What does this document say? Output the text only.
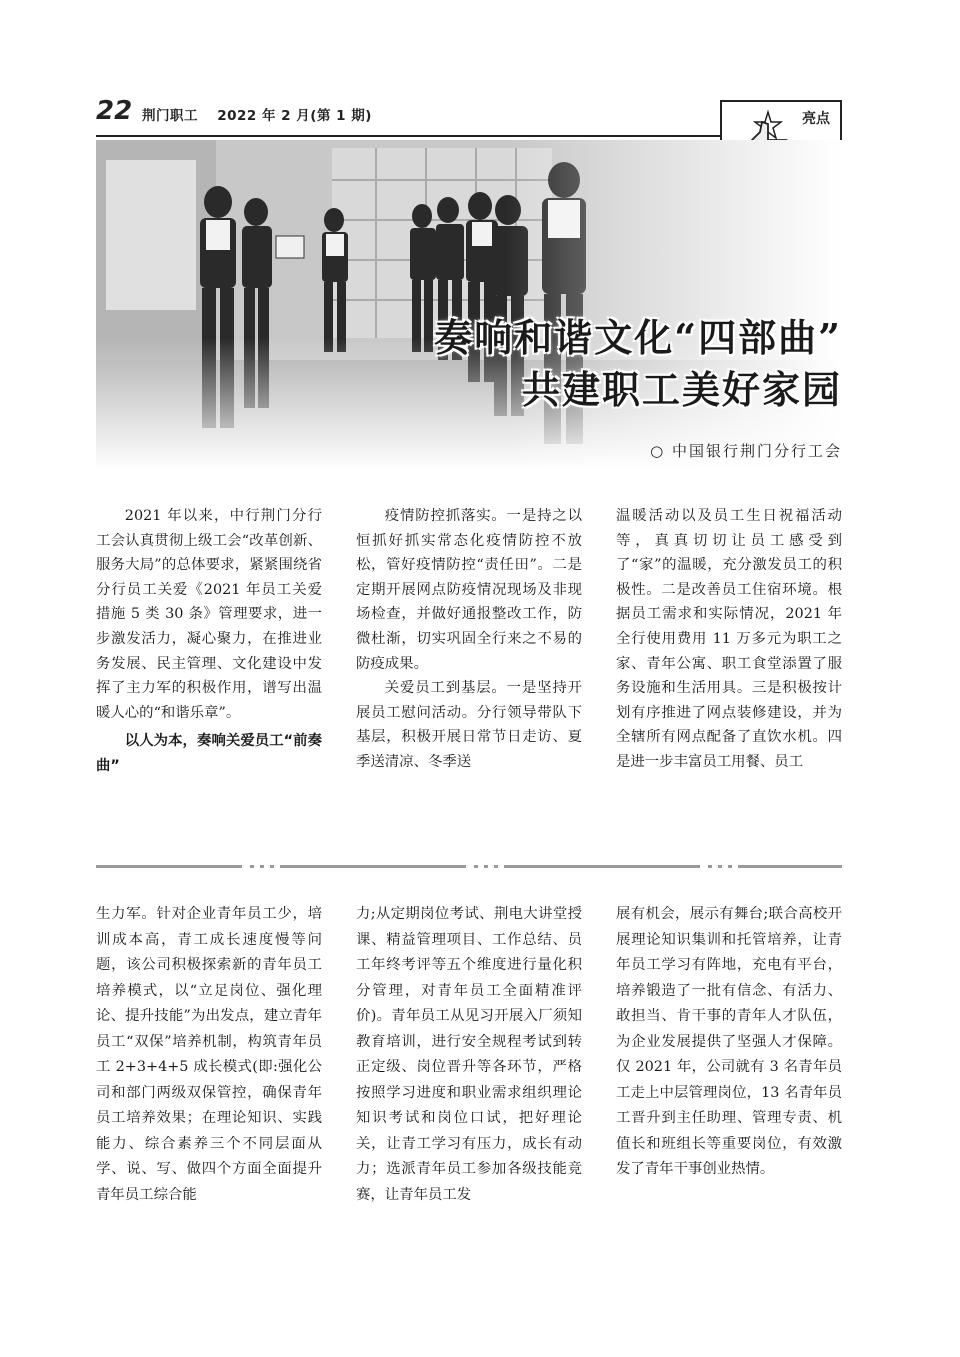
22 荆门职工 2022 年 2 月(第 1 期)	亮点
奏响和谐文化“四部曲”
共建职工美好家园
○ 中国银行荆门分行工会

2021 年以来，中行荆门分行工会认真贯彻上级工会“改革创新、服务大局”的总体要求，紧紧围绕省分行员工关爱《2021 年员工关爱措施 5 类 30 条》管理要求，进一步激发活力，凝心聚力，在推进业务发展、民主管理、文化建设中发挥了主力军的积极作用，谱写出温暖人心的“和谐乐章”。

以人为本，奏响关爱员工“前奏曲”

疫情防控抓落实。一是持之以恒抓好抓实常态化疫情防控不放松，管好疫情防控“责任田”。二是定期开展网点防疫情况现场及非现场检查，并做好通报整改工作，防微杜渐，切实巩固全行来之不易的防疫成果。

关爱员工到基层。一是坚持开展员工慰问活动。分行领导带队下基层，积极开展日常节日走访、夏季送清凉、冬季送

温暖活动以及员工生日祝福活动等，真真切切让员工感受到了“家”的温暖，充分激发员工的积极性。二是改善员工住宿环境。根据员工需求和实际情况，2021 年全行使用费用 11 万多元为职工之家、青年公寓、职工食堂添置了服务设施和生活用具。三是积极按计划有序推进了网点装修建设，并为全辖所有网点配备了直饮水机。四是进一步丰富员工用餐、员工

生力军。针对企业青年员工少，培训成本高，青工成长速度慢等问题，该公司积极探索新的青年员工培养模式，以“立足岗位、强化理论、提升技能”为出发点，建立青年员工“双保”培养机制，构筑青年员工 2+3+4+5 成长模式(即:强化公司和部门两级双保管控，确保青年员工培养效果；在理论知识、实践能力、综合素养三个不同层面从学、说、写、做四个方面全面提升青年员工综合能

力;从定期岗位考试、荆电大讲堂授课、精益管理项目、工作总结、员工年终考评等五个维度进行量化积分管理，对青年员工全面精准评价)。青年员工从见习开展入厂须知教育培训，进行安全规程考试到转正定级、岗位晋升等各环节，严格按照学习进度和职业需求组织理论知识考试和岗位口试，把好理论关，让青工学习有压力，成长有动力；选派青年员工参加各级技能竞赛，让青年员工发

展有机会，展示有舞台;联合高校开展理论知识集训和托管培养，让青年员工学习有阵地，充电有平台，培养锻造了一批有信念、有活力、敢担当、肯干事的青年人才队伍，为企业发展提供了坚强人才保障。仅 2021 年，公司就有 3 名青年员工走上中层管理岗位，13 名青年员工晋升到主任助理、管理专责、机值长和班组长等重要岗位，有效激发了青年干事创业热情。
